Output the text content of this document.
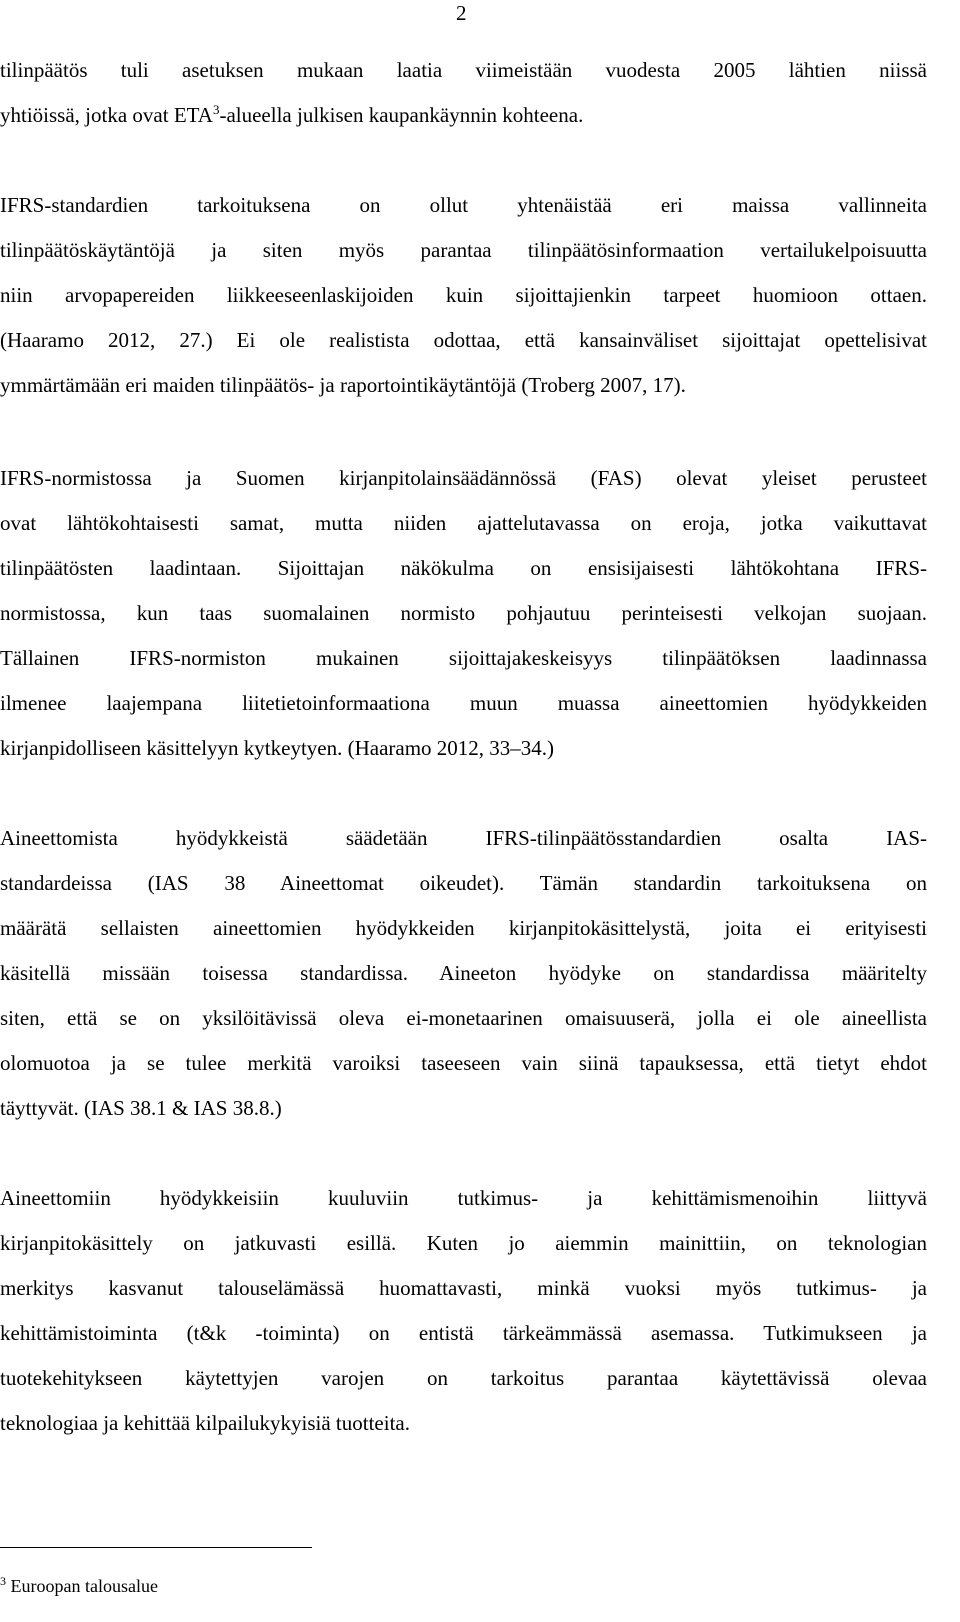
2
tilinpäätös tuli asetuksen mukaan laatia viimeistään vuodesta 2005 lähtien niissä
yhtiöissä, jotka ovat ETA$^3$-alueella julkisen kaupankäynnin kohteena.
IFRS-standardien tarkoituksena on ollut yhtenäistää eri maissa vallinneita
tilinpäätöskäytäntöjä ja siten myös parantaa tilinpäätösinformaation vertailukelpoisuutta
niin arvopapereiden liikkeeseenlaskijoiden kuin sijoittajienkin tarpeet huomioon ottaen.
(Haaramo 2012, 27.) Ei ole realistista odottaa, että kansainväliset sijoittajat opettelisivat
ymmärtämään eri maiden tilinpäätös- ja raportointikäytäntöjä (Troberg 2007, 17).
IFRS-normistossa ja Suomen kirjanpitolainsäädännössä (FAS) olevat yleiset perusteet
ovat lähtökohtaisesti samat, mutta niiden ajattelutavassa on eroja, jotka vaikuttavat
tilinpäätösten laadintaan. Sijoittajan näkökulma on ensisijaisesti lähtökohtana IFRS-
normistossa, kun taas suomalainen normisto pohjautuu perinteisesti velkojan suojaan.
Tällainen IFRS-normiston mukainen sijoittajakeskeisyys tilinpäätöksen laadinnassa
ilmenee laajempana liitetietoinformaationa muun muassa aineettomien hyödykkeiden
kirjanpidolliseen käsittelyyn kytkeytyen. (Haaramo 2012, 33–34.)
Aineettomista hyödykkeistä säädetään IFRS-tilinpäätösstandardien osalta IAS-
standardeissa (IAS 38 Aineettomat oikeudet). Tämän standardin tarkoituksena on
määrätä sellaisten aineettomien hyödykkeiden kirjanpitokäsittelystä, joita ei erityisesti
käsitellä missään toisessa standardissa. Aineeton hyödyke on standardissa määritelty
siten, että se on yksilöitävissä oleva ei-monetaarinen omaisuuserä, jolla ei ole aineellista
olomuotoa ja se tulee merkitä varoiksi taseeseen vain siinä tapauksessa, että tietyt ehdot
täyttyvät. (IAS 38.1 & IAS 38.8.)
Aineettomiin hyödykkeisiin kuuluviin tutkimus- ja kehittämismenoihin liittyvä
kirjanpitokäsittely on jatkuvasti esillä. Kuten jo aiemmin mainittiin, on teknologian
merkitys kasvanut talouselämässä huomattavasti, minkä vuoksi myös tutkimus- ja
kehittämistoiminta (t&k -toiminta) on entistä tärkeämmässä asemassa. Tutkimukseen ja
tuotekehitykseen käytettyjen varojen on tarkoitus parantaa käytettävissä olevaa
teknologiaa ja kehittää kilpailukykyisiä tuotteita.
$^3$ Euroopan talousalue
